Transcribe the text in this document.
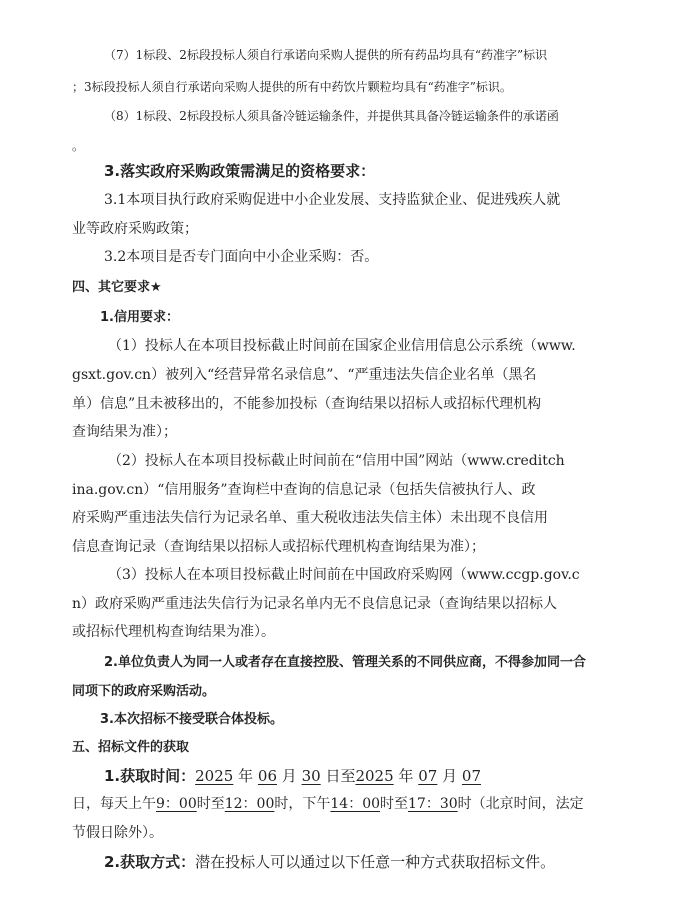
（7）1标段、2标段投标人须自行承诺向采购人提供的所有药品均具有“药准字”标识
；3标段投标人须自行承诺向采购人提供的所有中药饮片颗粒均具有“药准字”标识。
（8）1标段、2标段投标人须具备冷链运输条件，并提供其具备冷链运输条件的承诺函
。
3.落实政府采购政策需满足的资格要求：
3.1本项目执行政府采购促进中小企业发展、支持监狱企业、促进残疾人就
业等政府采购政策；
3.2本项目是否专门面向中小企业采购：否。
四、其它要求★
1.信用要求：
（1）投标人在本项目投标截止时间前在国家企业信用信息公示系统（www.
gsxt.gov.cn）被列入“经营异常名录信息”、“严重违法失信企业名单（黑名
单）信息”且未被移出的，不能参加投标（查询结果以招标人或招标代理机构
查询结果为准）；
（2）投标人在本项目投标截止时间前在“信用中国”网站（www.creditch
ina.gov.cn）“信用服务”查询栏中查询的信息记录（包括失信被执行人、政
府采购严重违法失信行为记录名单、重大税收违法失信主体）未出现不良信用
信息查询记录（查询结果以招标人或招标代理机构查询结果为准）；
（3）投标人在本项目投标截止时间前在中国政府采购网（www.ccgp.gov.c
n）政府采购严重违法失信行为记录名单内无不良信息记录（查询结果以招标人
或招标代理机构查询结果为准）。
2.单位负责人为同一人或者存在直接控股、管理关系的不同供应商，不得参加同一合
同项下的政府采购活动。
3.本次招标不接受联合体投标。
五、招标文件的获取
1.获取时间：2025 年 06 月 30 日至2025 年 07 月 07
日，每天上午9：00时至12：00时，下午14：00时至17：30时（北京时间，法定
节假日除外）。
2.获取方式：潜在投标人可以通过以下任意一种方式获取招标文件。
